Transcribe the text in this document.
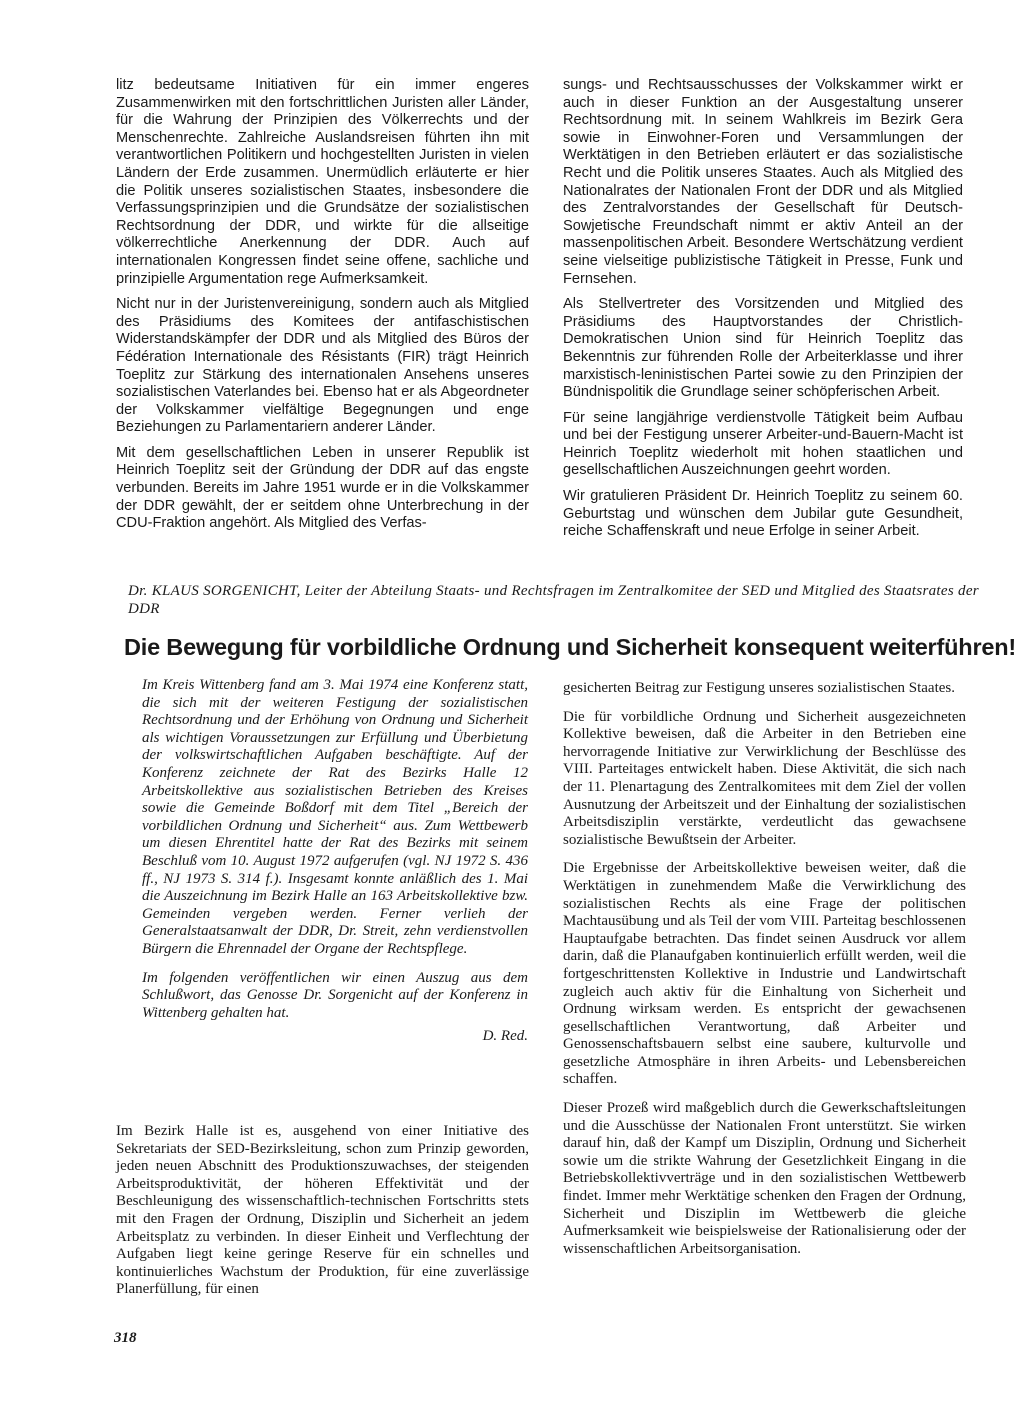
litz bedeutsame Initiativen für ein immer engeres Zusammenwirken mit den fortschrittlichen Juristen aller Länder, für die Wahrung der Prinzipien des Völkerrechts und der Menschenrechte. Zahlreiche Auslandsreisen führten ihn mit verantwortlichen Politikern und hochgestellten Juristen in vielen Ländern der Erde zusammen. Unermüdlich erläuterte er hier die Politik unseres sozialistischen Staates, insbesondere die Verfassungsprinzipien und die Grundsätze der sozialistischen Rechtsordnung der DDR, und wirkte für die allseitige völkerrechtliche Anerkennung der DDR. Auch auf internationalen Kongressen findet seine offene, sachliche und prinzipielle Argumentation rege Aufmerksamkeit.

Nicht nur in der Juristenvereinigung, sondern auch als Mitglied des Präsidiums des Komitees der antifaschistischen Widerstandskämpfer der DDR und als Mitglied des Büros der Fédération Internationale des Résistants (FIR) trägt Heinrich Toeplitz zur Stärkung des internationalen Ansehens unseres sozialistischen Vaterlandes bei. Ebenso hat er als Abgeordneter der Volkskammer vielfältige Begegnungen und enge Beziehungen zu Parlamentariern anderer Länder.

Mit dem gesellschaftlichen Leben in unserer Republik ist Heinrich Toeplitz seit der Gründung der DDR auf das engste verbunden. Bereits im Jahre 1951 wurde er in die Volkskammer der DDR gewählt, der er seitdem ohne Unterbrechung in der CDU-Fraktion angehört. Als Mitglied des Verfas-

sungs- und Rechtsausschusses der Volkskammer wirkt er auch in dieser Funktion an der Ausgestaltung unserer Rechtsordnung mit. In seinem Wahlkreis im Bezirk Gera sowie in Einwohner-Foren und Versammlungen der Werktätigen in den Betrieben erläutert er das sozialistische Recht und die Politik unseres Staates. Auch als Mitglied des Nationalrates der Nationalen Front der DDR und als Mitglied des Zentralvorstandes der Gesellschaft für Deutsch-Sowjetische Freundschaft nimmt er aktiv Anteil an der massenpolitischen Arbeit. Besondere Wertschätzung verdient seine vielseitige publizistische Tätigkeit in Presse, Funk und Fernsehen.

Als Stellvertreter des Vorsitzenden und Mitglied des Präsidiums des Hauptvorstandes der Christlich-Demokratischen Union sind für Heinrich Toeplitz das Bekenntnis zur führenden Rolle der Arbeiterklasse und ihrer marxistisch-leninistischen Partei sowie zu den Prinzipien der Bündnispolitik die Grundlage seiner schöpferischen Arbeit.

Für seine langjährige verdienstvolle Tätigkeit beim Aufbau und bei der Festigung unserer Arbeiter-und-Bauern-Macht ist Heinrich Toeplitz wiederholt mit hohen staatlichen und gesellschaftlichen Auszeichnungen geehrt worden.

Wir gratulieren Präsident Dr. Heinrich Toeplitz zu seinem 60. Geburtstag und wünschen dem Jubilar gute Gesundheit, reiche Schaffenskraft und neue Erfolge in seiner Arbeit.

Dr. KLAUS SORGENICHT, Leiter der Abteilung Staats- und Rechtsfragen im Zentralkomitee der SED und Mitglied des Staatsrates der DDR
Die Bewegung für vorbildliche Ordnung und Sicherheit konsequent weiterführen!

Im Kreis Wittenberg fand am 3. Mai 1974 eine Konferenz statt, die sich mit der weiteren Festigung der sozialistischen Rechtsordnung und der Erhöhung von Ordnung und Sicherheit als wichtigen Voraussetzungen zur Erfüllung und Überbietung der volkswirtschaftlichen Aufgaben beschäftigte. Auf der Konferenz zeichnete der Rat des Bezirks Halle 12 Arbeitskollektive aus sozialistischen Betrieben des Kreises sowie die Gemeinde Boßdorf mit dem Titel „Bereich der vorbildlichen Ordnung und Sicherheit“ aus. Zum Wettbewerb um diesen Ehrentitel hatte der Rat des Bezirks mit seinem Beschluß vom 10. August 1972 aufgerufen (vgl. NJ 1972 S. 436 ff., NJ 1973 S. 314 f.). Insgesamt konnte anläßlich des 1. Mai die Auszeichnung im Bezirk Halle an 163 Arbeitskollektive bzw. Gemeinden vergeben werden. Ferner verlieh der Generalstaatsanwalt der DDR, Dr. Streit, zehn verdienstvollen Bürgern die Ehrennadel der Organe der Rechtspflege.

Im folgenden veröffentlichen wir einen Auszug aus dem Schlußwort, das Genosse Dr. Sorgenicht auf der Konferenz in Wittenberg gehalten hat.

D. Red.

Im Bezirk Halle ist es, ausgehend von einer Initiative des Sekretariats der SED-Bezirksleitung, schon zum Prinzip geworden, jeden neuen Abschnitt des Produktionszuwachses, der steigenden Arbeitsproduktivität, der höheren Effektivität und der Beschleunigung des wissenschaftlich-technischen Fortschritts stets mit den Fragen der Ordnung, Disziplin und Sicherheit an jedem Arbeitsplatz zu verbinden. In dieser Einheit und Verflechtung der Aufgaben liegt keine geringe Reserve für ein schnelles und kontinuierliches Wachstum der Produktion, für eine zuverlässige Planerfüllung, für einen

gesicherten Beitrag zur Festigung unseres sozialistischen Staates.

Die für vorbildliche Ordnung und Sicherheit ausgezeichneten Kollektive beweisen, daß die Arbeiter in den Betrieben eine hervorragende Initiative zur Verwirklichung der Beschlüsse des VIII. Parteitages entwickelt haben. Diese Aktivität, die sich nach der 11. Plenartagung des Zentralkomitees mit dem Ziel der vollen Ausnutzung der Arbeitszeit und der Einhaltung der sozialistischen Arbeitsdisziplin verstärkte, verdeutlicht das gewachsene sozialistische Bewußtsein der Arbeiter.

Die Ergebnisse der Arbeitskollektive beweisen weiter, daß die Werktätigen in zunehmendem Maße die Verwirklichung des sozialistischen Rechts als eine Frage der politischen Machtausübung und als Teil der vom VIII. Parteitag beschlossenen Hauptaufgabe betrachten. Das findet seinen Ausdruck vor allem darin, daß die Planaufgaben kontinuierlich erfüllt werden, weil die fortgeschrittensten Kollektive in Industrie und Landwirtschaft zugleich auch aktiv für die Einhaltung von Sicherheit und Ordnung wirksam werden. Es entspricht der gewachsenen gesellschaftlichen Verantwortung, daß Arbeiter und Genossenschaftsbauern selbst eine saubere, kulturvolle und gesetzliche Atmosphäre in ihren Arbeits- und Lebensbereichen schaffen.

Dieser Prozeß wird maßgeblich durch die Gewerkschaftsleitungen und die Ausschüsse der Nationalen Front unterstützt. Sie wirken darauf hin, daß der Kampf um Disziplin, Ordnung und Sicherheit sowie um die strikte Wahrung der Gesetzlichkeit Eingang in die Betriebskollektivverträge und in den sozialistischen Wettbewerb findet. Immer mehr Werktätige schenken den Fragen der Ordnung, Sicherheit und Disziplin im Wettbewerb die gleiche Aufmerksamkeit wie beispielsweise der Rationalisierung oder der wissenschaftlichen Arbeitsorganisation.

318
